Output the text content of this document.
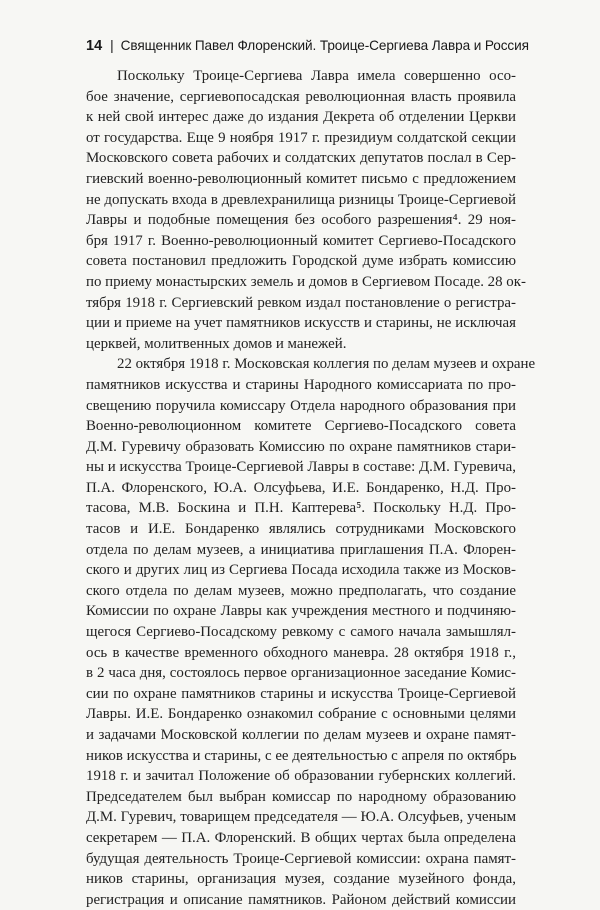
14 | Священник Павел Флоренский. Троице-Сергиева Лавра и Россия
Поскольку Троице-Сергиева Лавра имела совершенно осо-
бое значение, сергиевопосадская революционная власть проявила
к ней свой интерес даже до издания Декрета об отделении Церкви
от государства. Еще 9 ноября 1917 г. президиум солдатской секции
Московского совета рабочих и солдатских депутатов послал в Сер-
гиевский военно-революционный комитет письмо с предложением
не допускать входа в древлехранилища ризницы Троице-Сергиевой
Лавры и подобные помещения без особого разрешения⁴. 29 ноя-
бря 1917 г. Военно-революционный комитет Сергиево-Посадского
совета постановил предложить Городской думе избрать комиссию
по приему монастырских земель и домов в Сергиевом Посаде. 28 ок-
тября 1918 г. Сергиевский ревком издал постановление о регистра-
ции и приеме на учет памятников искусств и старины, не исключая
церквей, молитвенных домов и манежей.
22 октября 1918 г. Московская коллегия по делам музеев и охране
памятников искусства и старины Народного комиссариата по про-
свещению поручила комиссару Отдела народного образования при
Военно-революционном комитете Сергиево-Посадского совета
Д.М. Гуревичу образовать Комиссию по охране памятников стари-
ны и искусства Троице-Сергиевой Лавры в составе: Д.М. Гуревича,
П.А. Флоренского, Ю.А. Олсуфьева, И.Е. Бондаренко, Н.Д. Про-
тасова, М.В. Боскина и П.Н. Каптерева⁵. Поскольку Н.Д. Про-
тасов и И.Е. Бондаренко являлись сотрудниками Московского
отдела по делам музеев, а инициатива приглашения П.А. Флорен-
ского и других лиц из Сергиева Посада исходила также из Москов-
ского отдела по делам музеев, можно предполагать, что создание
Комиссии по охране Лавры как учреждения местного и подчиняю-
щегося Сергиево-Посадскому ревкому с самого начала замышлял-
ось в качестве временного обходного маневра. 28 октября 1918 г.,
в 2 часа дня, состоялось первое организационное заседание Комис-
сии по охране памятников старины и искусства Троице-Сергиевой
Лавры. И.Е. Бондаренко ознакомил собрание с основными целями
и задачами Московской коллегии по делам музеев и охране памят-
ников искусства и старины, с ее деятельностью с апреля по октябрь
1918 г. и зачитал Положение об образовании губернских коллегий.
Председателем был выбран комиссар по народному образованию
Д.М. Гуревич, товарищем председателя — Ю.А. Олсуфьев, ученым
секретарем — П.А. Флоренский. В общих чертах была определена
будущая деятельность Троице-Сергиевой комиссии: охрана памят-
ников старины, организация музея, создание музейного фонда,
регистрация и описание памятников. Районом действий комиссии
